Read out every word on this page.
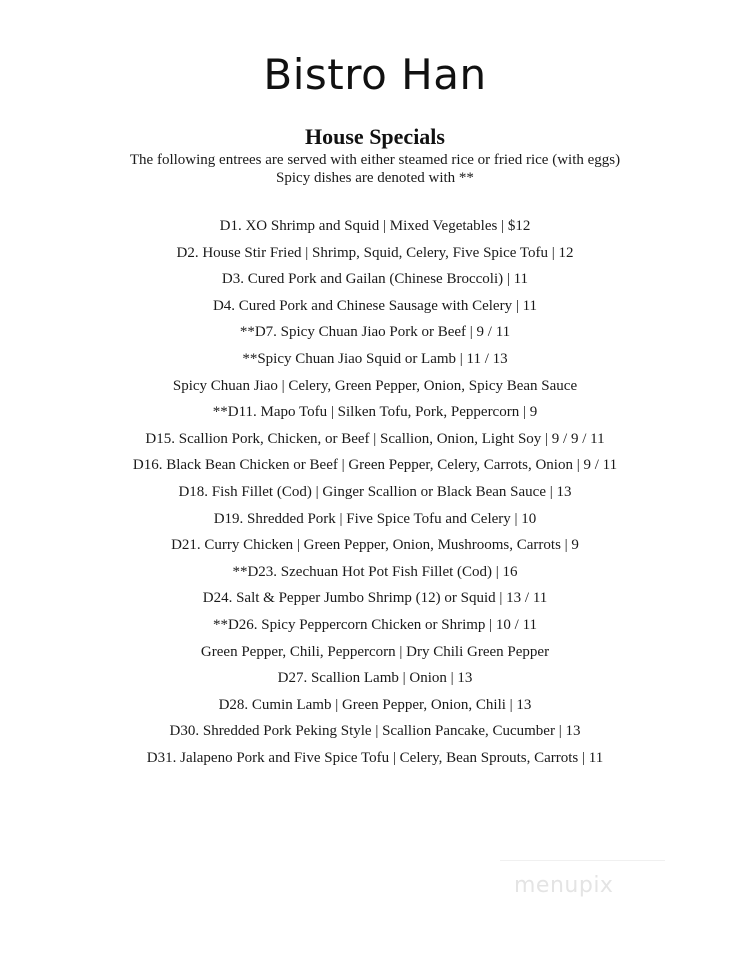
Bistro Han
House Specials
The following entrees are served with either steamed rice or fried rice (with eggs)
Spicy dishes are denoted with **
D1. XO Shrimp and Squid | Mixed Vegetables | $12
D2. House Stir Fried | Shrimp, Squid, Celery, Five Spice Tofu | 12
D3. Cured Pork and Gailan (Chinese Broccoli) | 11
D4. Cured Pork and Chinese Sausage with Celery | 11
**D7. Spicy Chuan Jiao Pork or Beef | 9 / 11
**Spicy Chuan Jiao Squid or Lamb | 11 / 13
Spicy Chuan Jiao | Celery, Green Pepper, Onion, Spicy Bean Sauce
**D11. Mapo Tofu | Silken Tofu, Pork, Peppercorn | 9
D15. Scallion Pork, Chicken, or Beef | Scallion, Onion, Light Soy | 9 / 9 / 11
D16. Black Bean Chicken or Beef | Green Pepper, Celery, Carrots, Onion | 9 / 11
D18. Fish Fillet (Cod) | Ginger Scallion or Black Bean Sauce | 13
D19. Shredded Pork | Five Spice Tofu and Celery | 10
D21. Curry Chicken | Green Pepper, Onion, Mushrooms, Carrots | 9
**D23. Szechuan Hot Pot Fish Fillet (Cod) | 16
D24. Salt & Pepper Jumbo Shrimp (12) or Squid | 13 / 11
**D26. Spicy Peppercorn Chicken or Shrimp | 10 / 11
Green Pepper, Chili, Peppercorn | Dry Chili Green Pepper
D27. Scallion Lamb | Onion | 13
D28. Cumin Lamb | Green Pepper, Onion, Chili | 13
D30. Shredded Pork Peking Style | Scallion Pancake, Cucumber | 13
D31. Jalapeno Pork and Five Spice Tofu | Celery, Bean Sprouts, Carrots | 11
menupix
